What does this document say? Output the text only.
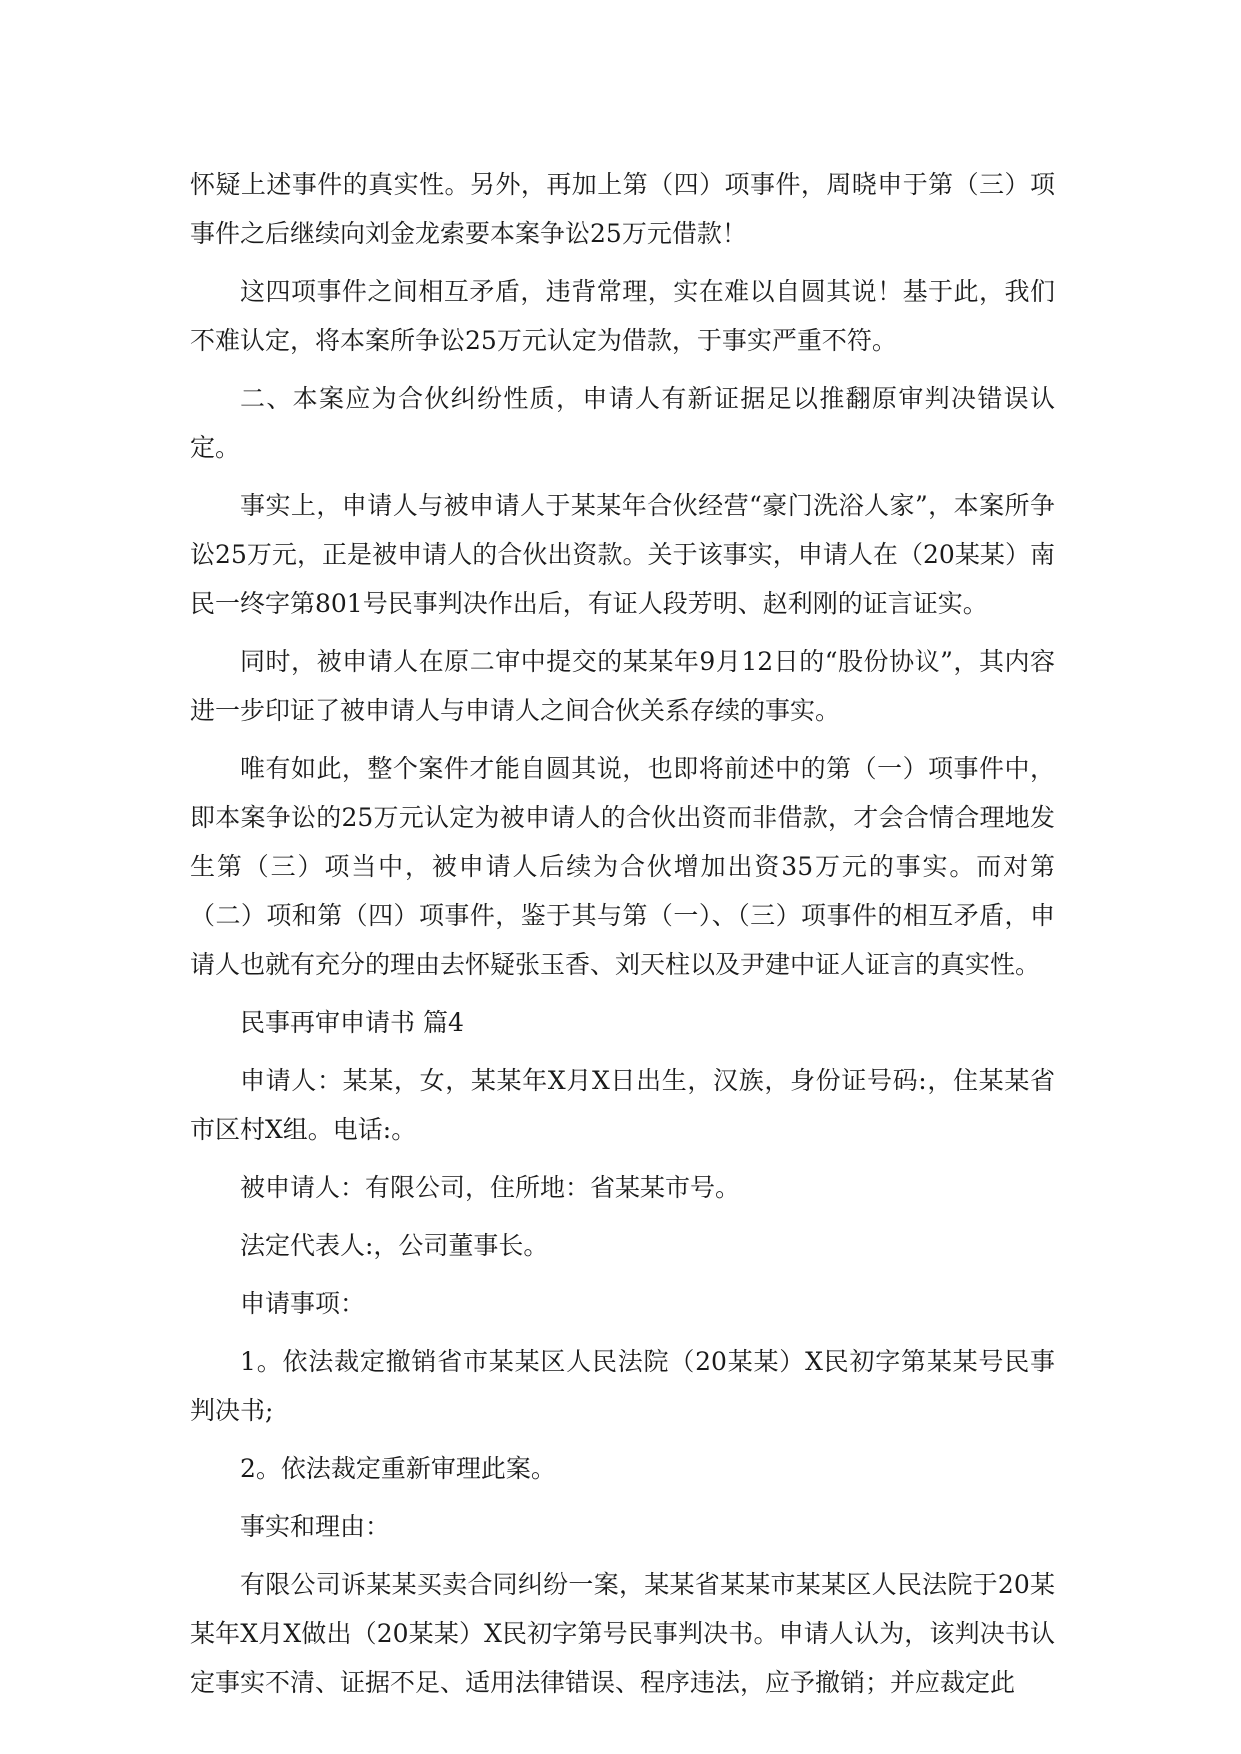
怀疑上述事件的真实性。另外，再加上第（四）项事件，周晓申于第（三）项事件之后继续向刘金龙索要本案争讼25万元借款！

这四项事件之间相互矛盾，违背常理，实在难以自圆其说！基于此，我们不难认定，将本案所争讼25万元认定为借款，于事实严重不符。

二、本案应为合伙纠纷性质，申请人有新证据足以推翻原审判决错误认定。

事实上，申请人与被申请人于某某年合伙经营“豪门洗浴人家”，本案所争讼25万元，正是被申请人的合伙出资款。关于该事实，申请人在（20某某）南民一终字第801号民事判决作出后，有证人段芳明、赵利刚的证言证实。

同时，被申请人在原二审中提交的某某年9月12日的“股份协议”，其内容进一步印证了被申请人与申请人之间合伙关系存续的事实。

唯有如此，整个案件才能自圆其说，也即将前述中的第（一）项事件中，即本案争讼的25万元认定为被申请人的合伙出资而非借款，才会合情合理地发生第（三）项当中，被申请人后续为合伙增加出资35万元的事实。而对第（二）项和第（四）项事件，鉴于其与第（一）、（三）项事件的相互矛盾，申请人也就有充分的理由去怀疑张玉香、刘天柱以及尹建中证人证言的真实性。

民事再审申请书 篇4

申请人：某某，女，某某年X月X日出生，汉族，身份证号码:，住某某省市区村X组。电话:。

被申请人：有限公司，住所地：省某某市号。

法定代表人:，公司董事长。

申请事项：

1。依法裁定撤销省市某某区人民法院（20某某）X民初字第某某号民事判决书;

2。依法裁定重新审理此案。

事实和理由：

有限公司诉某某买卖合同纠纷一案，某某省某某市某某区人民法院于20某某年X月X做出（20某某）X民初字第号民事判决书。申请人认为，该判决书认定事实不清、证据不足、适用法律错误、程序违法，应予撤销；并应裁定此
